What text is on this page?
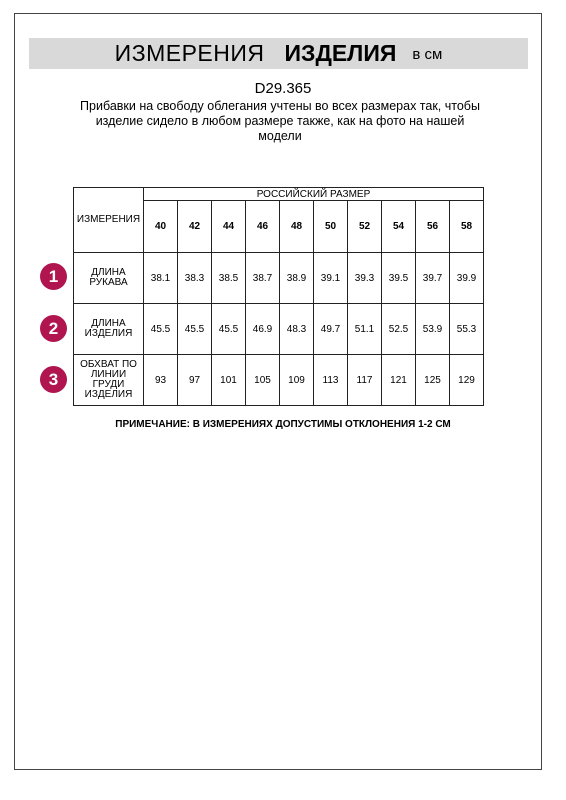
ИЗМЕРЕНИЯ ИЗДЕЛИЯ в см
D29.365
Прибавки на свободу облегания учтены во всех размерах так, чтобы изделие сидело в любом размере также, как на фото на нашей модели
ИЗМЕРЕНИЯ	РОССИЙСКИЙ РАЗМЕР									
	40	42	44	46	48	50	52	54	56	58
ДЛИНА РУКАВА	38.1	38.3	38.5	38.7	38.9	39.1	39.3	39.5	39.7	39.9
ДЛИНА ИЗДЕЛИЯ	45.5	45.5	45.5	46.9	48.3	49.7	51.1	52.5	53.9	55.3
ОБХВАТ ПО ЛИНИИ ГРУДИ ИЗДЕЛИЯ	93	97	101	105	109	113	117	121	125	129
1
2
3
ПРИМЕЧАНИЕ: В ИЗМЕРЕНИЯХ ДОПУСТИМЫ ОТКЛОНЕНИЯ 1-2 СМ
